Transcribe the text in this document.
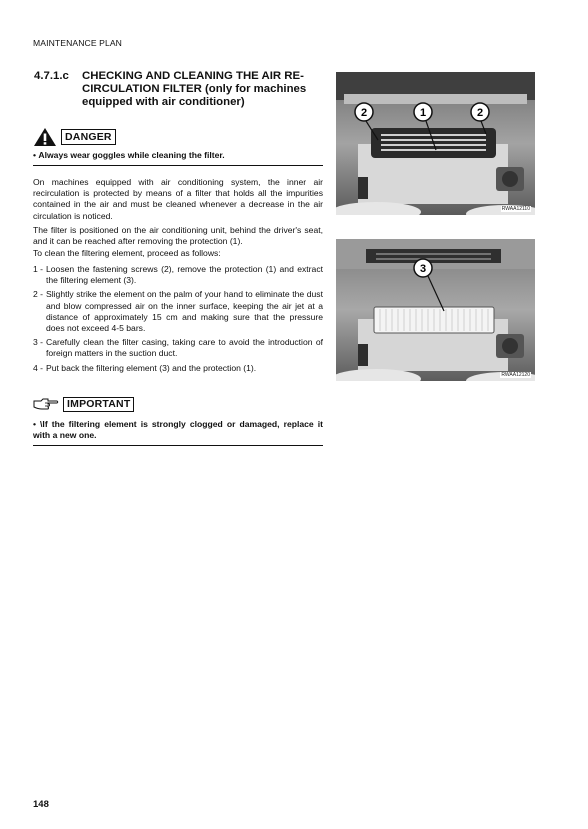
MAINTENANCE PLAN
4.7.1.c CHECKING AND CLEANING THE AIR RE- CIRCULATION FILTER (only for machines equipped with air conditioner)
DANGER
• Always wear goggles while cleaning the filter.
On machines equipped with air conditioning system, the inner air recirculation is protected by means of a filter that holds all the impurities contained in the air and must be cleaned whenever a decrease in the air circulation is noticed.
The filter is positioned on the air conditioning unit, behind the driver's seat, and it can be reached after removing the protection (1).
To clean the filtering element, proceed as follows:
1 - Loosen the fastening screws (2), remove the protection (1) and extract the filtering element (3).
2 - Slightly strike the element on the palm of your hand to eliminate the dust and blow compressed air on the inner surface, keeping the air jet at a distance of approximately 15 cm and making sure that the pressure does not exceed 4-5 bars.
3 - Carefully clean the filter casing, taking care to avoid the introduction of foreign matters in the suction duct.
4 - Put back the filtering element (3) and the protection (1).
IMPORTANT
• \If the filtering element is strongly clogged or damaged, replace it with a new one.
2	1	2
RWAA12110
3
RWAA12120
148
